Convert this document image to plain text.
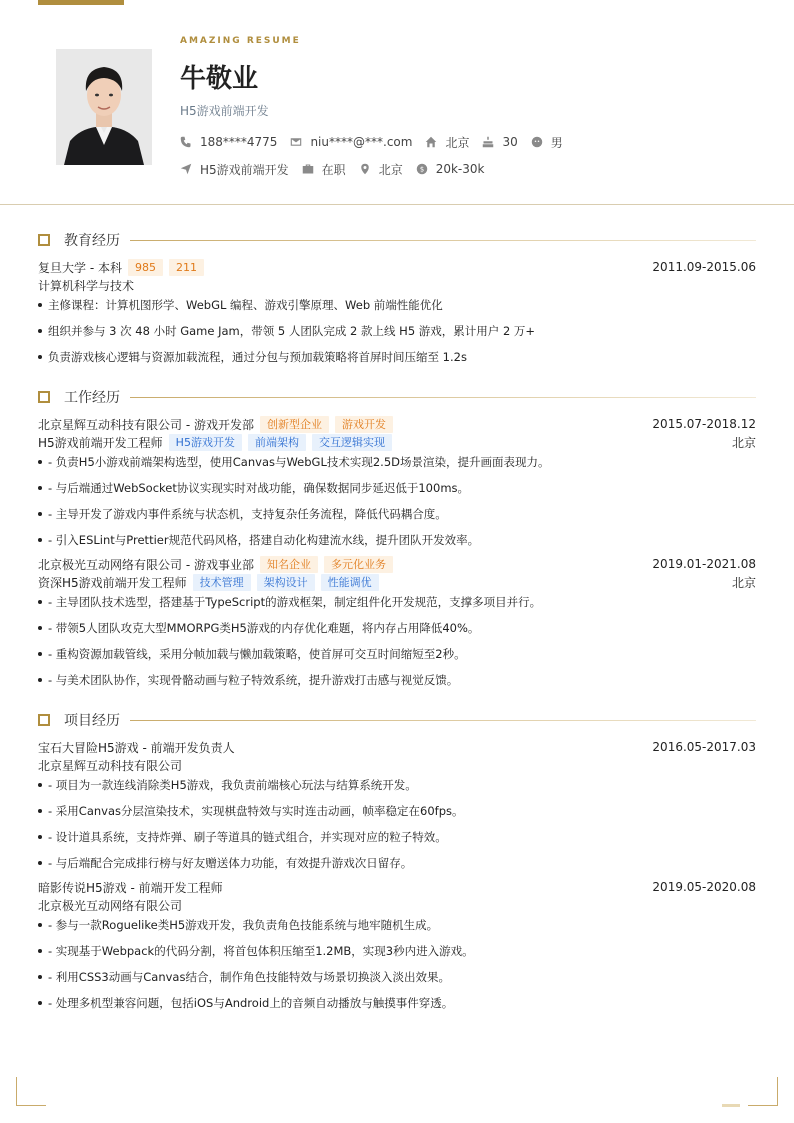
AMAZING RESUME
牛敬业
H5游戏前端开发
188****4775	niu****@***.com	北京	30	男
H5游戏前端开发	在职	北京 $ 20k-30k
教育经历
复旦大学 - 本科	985	211	2011.09-2015.06
计算机科学与技术
主修课程：计算机图形学、WebGL 编程、游戏引擎原理、Web 前端性能优化
组织并参与 3 次 48 小时 Game Jam，带领 5 人团队完成 2 款上线 H5 游戏，累计用户 2 万+
负责游戏核心逻辑与资源加载流程，通过分包与预加载策略将首屏时间压缩至 1.2s
工作经历
北京星辉互动科技有限公司 - 游戏开发部	创新型企业	游戏开发	2015.07-2018.12
H5游戏前端开发工程师	H5游戏开发	前端架构	交互逻辑实现	北京
- 负责H5小游戏前端架构选型，使用Canvas与WebGL技术实现2.5D场景渲染，提升画面表现力。
- 与后端通过WebSocket协议实现实时对战功能，确保数据同步延迟低于100ms。
- 主导开发了游戏内事件系统与状态机，支持复杂任务流程，降低代码耦合度。
- 引入ESLint与Prettier规范代码风格，搭建自动化构建流水线，提升团队开发效率。
北京极光互动网络有限公司 - 游戏事业部	知名企业	多元化业务	2019.01-2021.08
资深H5游戏前端开发工程师	技术管理	架构设计	性能调优	北京
- 主导团队技术选型，搭建基于TypeScript的游戏框架，制定组件化开发规范，支撑多项目并行。
- 带领5人团队攻克大型MMORPG类H5游戏的内存优化难题，将内存占用降低40%。
- 重构资源加载管线，采用分帧加载与懒加载策略，使首屏可交互时间缩短至2秒。
- 与美术团队协作，实现骨骼动画与粒子特效系统，提升游戏打击感与视觉反馈。
项目经历
宝石大冒险H5游戏 - 前端开发负责人	2016.05-2017.03
北京星辉互动科技有限公司
- 项目为一款连线消除类H5游戏，我负责前端核心玩法与结算系统开发。
- 采用Canvas分层渲染技术，实现棋盘特效与实时连击动画，帧率稳定在60fps。
- 设计道具系统，支持炸弹、刷子等道具的链式组合，并实现对应的粒子特效。
- 与后端配合完成排行榜与好友赠送体力功能，有效提升游戏次日留存。
暗影传说H5游戏 - 前端开发工程师	2019.05-2020.08
北京极光互动网络有限公司
- 参与一款Roguelike类H5游戏开发，我负责角色技能系统与地牢随机生成。
- 实现基于Webpack的代码分割，将首包体积压缩至1.2MB，实现3秒内进入游戏。
- 利用CSS3动画与Canvas结合，制作角色技能特效与场景切换淡入淡出效果。
- 处理多机型兼容问题，包括iOS与Android上的音频自动播放与触摸事件穿透。
